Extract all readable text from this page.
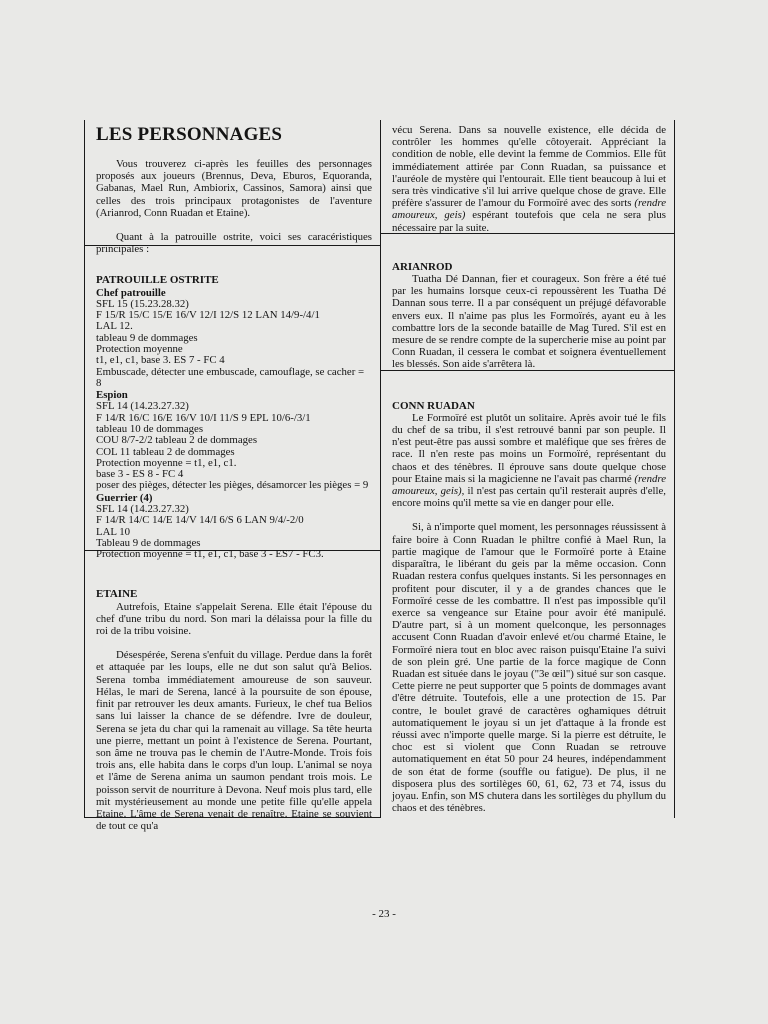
LES PERSONNAGES

Vous trouverez ci-après les feuilles des personnages proposés aux joueurs (Brennus, Deva, Eburos, Equoranda, Gabanas, Mael Run, Ambiorix, Cassinos, Samora) ainsi que celles des trois principaux protagonistes de l'aventure (Arianrod, Conn Ruadan et Etaine).

Quant à la patrouille ostrite, voici ses caracéristiques principales :

PATROUILLE OSTRITE

Chef patrouille

SFL 15 (15.23.28.32)

F 15/R 15/C 15/E 16/V 12/I 12/S 12 LAN 14/9-/4/1

LAL 12.

tableau 9 de dommages

Protection moyenne

t1, e1, c1, base 3. ES 7 - FC 4

Embuscade, détecter une embuscade, camouflage, se cacher = 8

Espion

SFL 14 (14.23.27.32)

F 14/R 16/C 16/E 16/V 10/I 11/S 9 EPL 10/6-/3/1

tableau 10 de dommages

COU 8/7-2/2 tableau 2 de dommages

COL 11 tableau 2 de dommages

Protection moyenne = t1, e1, c1.

base 3 - ES 8 - FC 4

poser des pièges, détecter les pièges, désamorcer les pièges = 9

Guerrier (4)

SFL 14 (14.23.27.32)

F 14/R 14/C 14/E 14/V 14/I 6/S 6 LAN 9/4/-2/0

LAL 10

Tableau 9 de dommages

Protection moyenne = t1, e1, c1, base 3 - ES7 - FC3.

ETAINE

Autrefois, Etaine s'appelait Serena. Elle était l'épouse du chef d'une tribu du nord. Son mari la délaissa pour la fille du roi de la tribu voisine.

Désespérée, Serena s'enfuit du village. Perdue dans la forêt et attaquée par les loups, elle ne dut son salut qu'à Belios. Serena tomba immédiatement amoureuse de son sauveur. Hélas, le mari de Serena, lancé à la poursuite de son épouse, finit par retrouver les deux amants. Furieux, le chef tua Belios sans lui laisser la chance de se défendre. Ivre de douleur, Serena se jeta du char qui la ramenait au village. Sa tête heurta une pierre, mettant un point à l'existence de Serena. Pourtant, son âme ne trouva pas le chemin de l'Autre-Monde. Trois fois trois ans, elle habita dans le corps d'un loup. L'animal se noya et l'âme de Serena anima un saumon pendant trois mois. Le poisson servit de nourriture à Devona. Neuf mois plus tard, elle mit mystérieusement au monde une petite fille qu'elle appela Etaine. L'âme de Serena venait de renaître. Etaine se souvient de tout ce qu'a

vécu Serena. Dans sa nouvelle existence, elle décida de contrôler les hommes qu'elle côtoyerait. Appréciant la condition de noble, elle devint la femme de Commios. Elle fût immédiatement attirée par Conn Ruadan, sa puissance et l'auréole de mystère qui l'entourait. Elle tient beaucoup à lui et sera très vindicative s'il lui arrive quelque chose de grave. Elle préfère s'assurer de l'amour du Formoïré avec des sorts (rendre amoureux, geis) espérant toutefois que cela ne sera plus nécessaire par la suite.

ARIANROD

Tuatha Dé Dannan, fier et courageux. Son frère a été tué par les humains lorsque ceux-ci repoussèrent les Tuatha Dé Dannan sous terre. Il a par conséquent un préjugé défavorable envers eux. Il n'aime pas plus les Formoïrés, ayant eu à les combattre lors de la seconde bataille de Mag Tured. S'il est en mesure de se rendre compte de la supercherie mise au point par Conn Ruadan, il cessera le combat et soignera éventuellement les blessés. Son aide s'arrêtera là.

CONN RUADAN

Le Formoïré est plutôt un solitaire. Après avoir tué le fils du chef de sa tribu, il s'est retrouvé banni par son peuple. Il n'est peut-être pas aussi sombre et maléfique que ses frères de race. Il n'en reste pas moins un Formoïré, représentant du chaos et des ténèbres. Il éprouve sans doute quelque chose pour Etaine mais si la magicienne ne l'avait pas charmé (rendre amoureux, geis), il n'est pas certain qu'il resterait auprès d'elle, encore moins qu'il mette sa vie en danger pour elle.

Si, à n'importe quel moment, les personnages réussissent à faire boire à Conn Ruadan le philtre confié à Mael Run, la partie magique de l'amour que le Formoïré porte à Etaine disparaîtra, le libérant du geis par la même occasion. Conn Ruadan restera confus quelques instants. Si les personnages en profitent pour discuter, il y a de grandes chances que le Formoïré cesse de les combattre. Il n'est pas impossible qu'il exerce sa vengeance sur Etaine pour avoir été manipulé. D'autre part, si à un moment quelconque, les personnages accusent Conn Ruadan d'avoir enlevé et/ou charmé Etaine, le Formoïré niera tout en bloc avec raison puisqu'Etaine l'a suivi de son plein gré. Une partie de la force magique de Conn Ruadan est située dans le joyau ("3e œil") situé sur son casque. Cette pierre ne peut supporter que 5 points de dommages avant d'être détruite. Toutefois, elle a une protection de 15. Par contre, le boulet gravé de caractères oghamiques détruit automatiquement le joyau si un jet d'attaque à la fronde est réussi avec n'importe quelle marge. Si la pierre est détruite, le choc est si violent que Conn Ruadan se retrouve automatiquement en état 50 pour 24 heures, indépendamment de son état de forme (souffle ou fatigue). De plus, il ne disposera plus des sortilèges 60, 61, 62, 73 et 74, issus du joyau. Enfin, son MS chutera dans les sortilèges du phyllum du chaos et des ténèbres.

- 23 -
